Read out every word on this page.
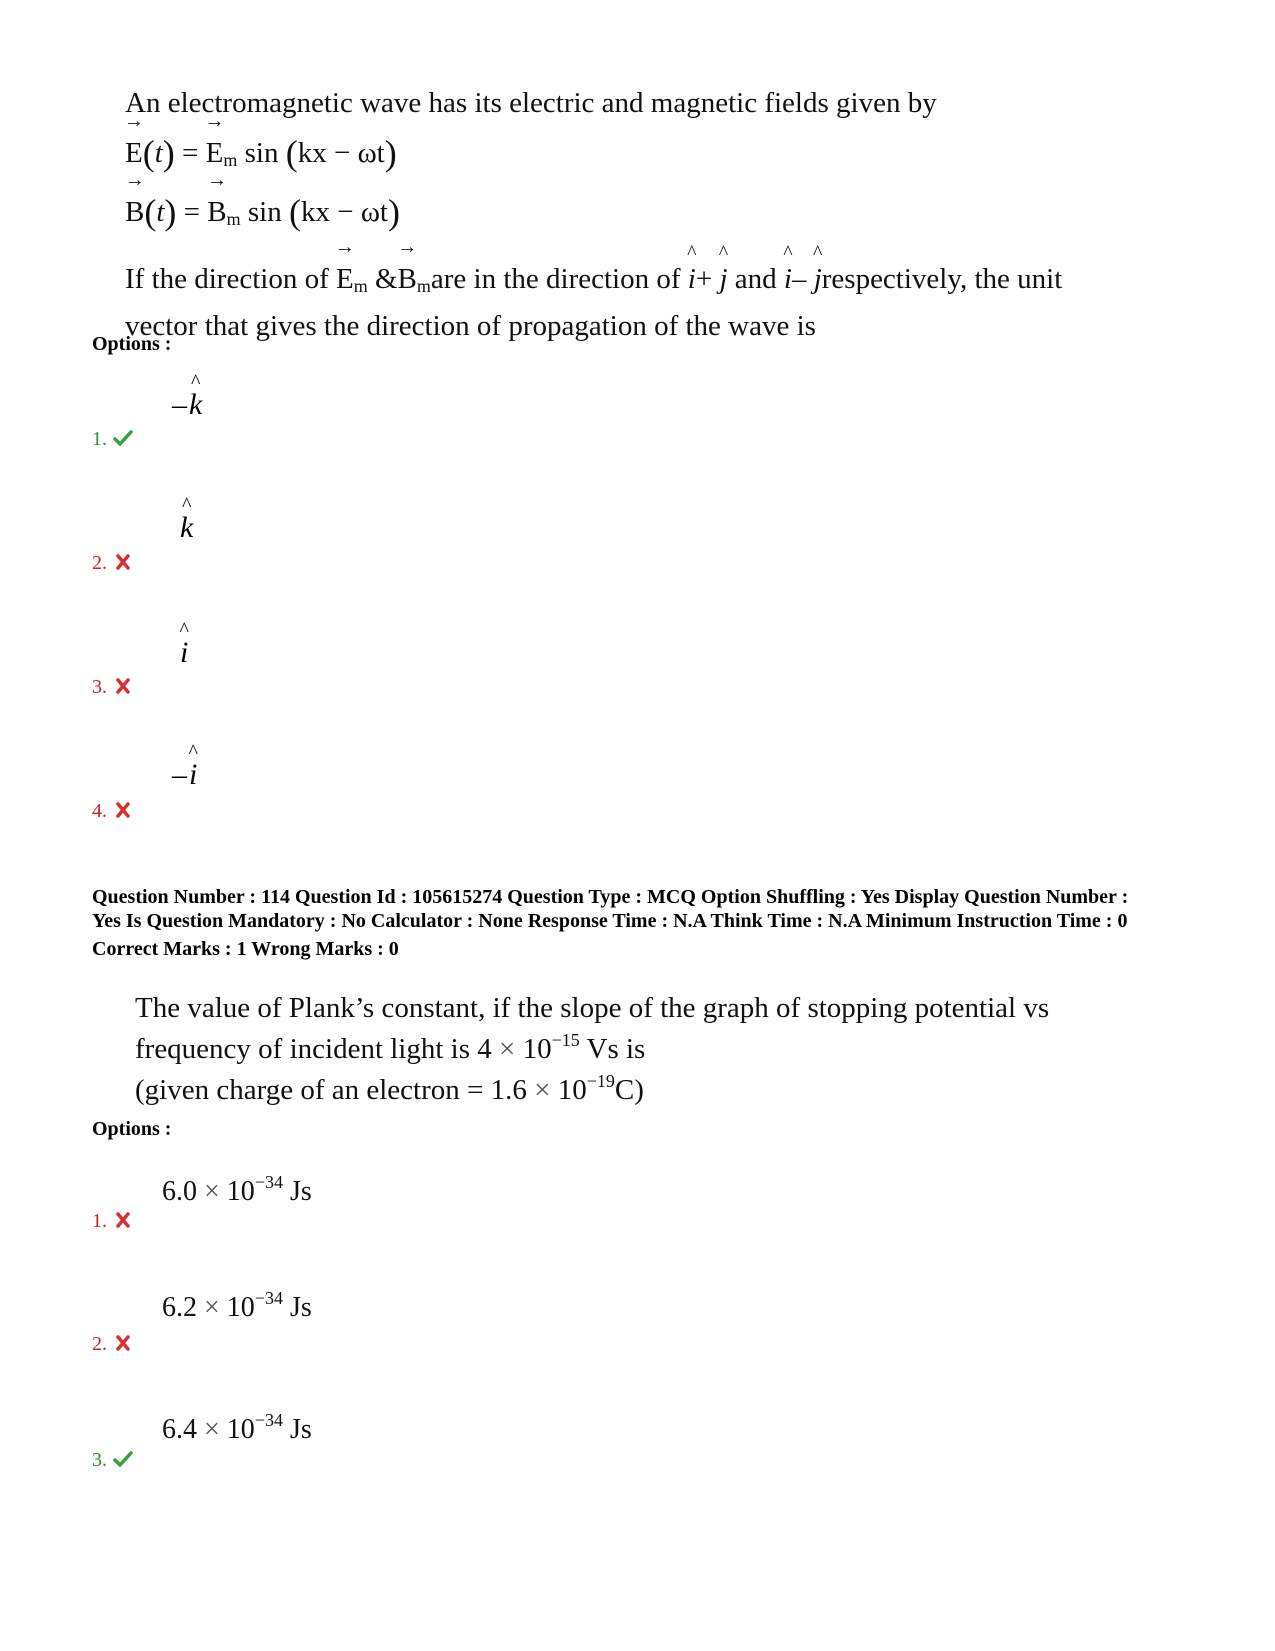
An electromagnetic wave has its electric and magnetic fields given by
→ E(t) = → $E_m$ sin (kx − ωt)
→ B(t) = → $B_m$ sin (kx − ωt)
If the direction of → $E_m$ &→ $B_mare$ in the direction of ^ i+ ^ j and ^ i– ^ jrespectively, the unit
vector that gives the direction of propagation of the wave is
Options :
–^ k
1.
^ k
2.
^ i
3.
–^ i
4.
Question Number : 114 Question Id : 105615274 Question Type : MCQ Option Shuffling : Yes Display Question Number :
Yes Is Question Mandatory : No Calculator : None Response Time : N.A Think Time : N.A Minimum Instruction Time : 0
Correct Marks : 1 Wrong Marks : 0
The value of Plank’s constant, if the slope of the graph of stopping potential vs
frequency of incident light is $4 \times 10^{-15}$ Vs is
(given charge of an electron = $1.6 \times 10^{-19}C$)
Options :
$6.0 \times 10^{-34}$ Js
1.
$6.2 \times 10^{-34}$ Js
2.
$6.4 \times 10^{-34}$ Js
3.
